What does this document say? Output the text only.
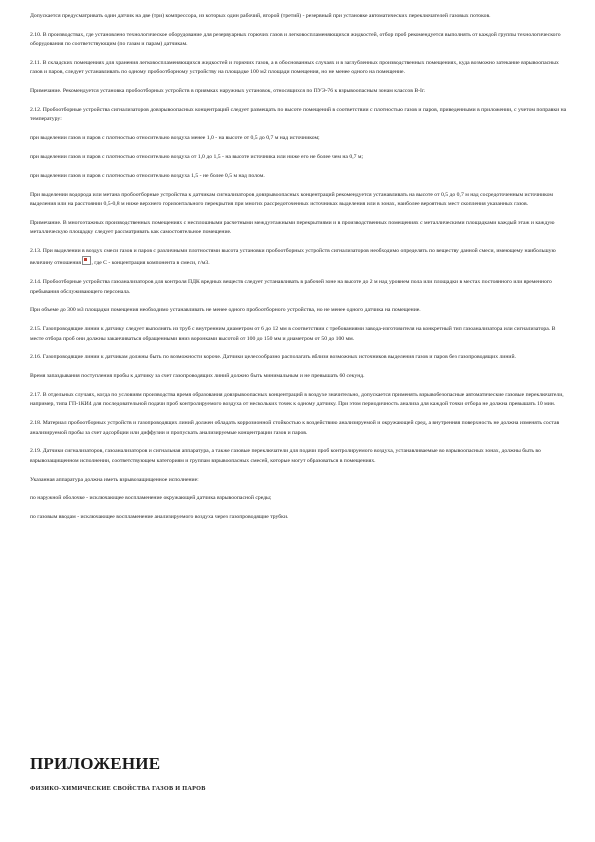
Допускается предусматривать один датчик на две (три) компрессора, из которых один рабочий, второй (третий) - резервный при установке автоматических переключателей газовых потоков.

2.10. В производствах, где установлено технологическое оборудование для резервуарных горючих газов и легковоспламеняющихся жидкостей, отбор проб рекомендуется выполнять от каждой группы технологического оборудования по соответствующим (по газам и парам) датчикам.

2.11. В складских помещениях для хранения легковоспламеняющихся жидкостей и горючих газов, а в обоснованных случаях и в заглубленных производственных помещениях, куда возможно затекание взрывоопасных газов и паров, следует устанавливать по одному пробоотборному устройству на площадке 100 м2 площади помещения, но не менее одного на помещение.

Примечание. Рекомендуется установка пробоотборных устройств в приямках наружных установок, относящихся по ПУЭ-76 к взрывоопасным зонам классов В-Iг.

2.12. Пробоотборные устройства сигнализаторов довзрывоопасных концентраций следует размещать по высоте помещений в соответствии с плотностью газов и паров, приведенными в приложении, с учетом поправки на температуру:

при выделении газов и паров с плотностью относительно воздуха менее 1,0 - на высоте от 0,5 до 0,7 м над источником;

при выделении газов и паров с плотностью относительно воздуха от 1,0 до 1,5 - на высоте источника или ниже его не более чем на 0,7 м;

при выделении газов и паров с плотностью относительно воздуха 1,5 - не более 0,5 м над полом.

При выделении водорода или метана пробоотборные устройства к датчикам сигнализаторов довзрывоопасных концентраций рекомендуется устанавливать на высоте от 0,5 до 0,7 м над сосредоточенным источником выделения или на расстоянии 0,5-0,8 м ниже верхнего горизонтального перекрытия при многих рассредоточенных источниках выделения или в зонах, наиболее вероятных мест скопления указанных газов.

Примечание. В многоэтажных производственных помещениях с несплошными расчетными междуэтажными перекрытиями и в производственных помещениях с металлическими площадками каждый этаж и каждую металлическую площадку следует рассматривать как самостоятельное помещение.

2.13. При выделении в воздух смеси газов и паров с различными плотностями высота установки пробоотборных устройств сигнализаторов необходимо определять по веществу данной смеси, имеющему наибольшую величину отношения , где С - концентрация компонента в смеси, г/м3.

2.14. Пробоотборные устройства газоанализаторов для контроля ПДК вредных веществ следует устанавливать в рабочей зоне на высоте до 2 м над уровнем пола или площадки в местах постоянного или временного пребывания обслуживающего персонала.

При объеме до 300 м3 площадки помещения необходимо устанавливать не менее одного пробоотборного устройства, но не менее одного датчика на помещение.

2.15. Газопроводящие линии к датчику следует выполнять из труб с внутренним диаметром от 6 до 12 мм в соответствии с требованиями завода-изготовителя на конкретный тип газоанализатора или сигнализатора. В месте отбора проб они должны заканчиваться обращенными вниз воронками высотой от 100 до 150 мм и диаметром от 50 до 100 мм.

2.16. Газопроводящие линии к датчикам должны быть по возможности короче. Датчики целесообразно располагать вблизи возможных источников выделения газов и паров без газопроводящих линий.

Время запаздывания поступления пробы к датчику за счет газопроводящих линий должно быть минимальным и не превышать 60 секунд.

2.17. В отдельных случаях, когда по условиям производства время образования довзрывоопасных концентраций в воздухе значительно, допускается применять взрывобезопасные автоматические газовые переключатели, например, типа ГП-1КИ4 для последовательной подачи проб контролируемого воздуха от нескольких точек к одному датчику. При этом периодичность анализа для каждой точки отбора не должна превышать 10 мин.

2.18. Материал пробоотборных устройств и газопроводящих линий должен обладать коррозионной стойкостью к воздействию анализируемой и окружающей сред, а внутренняя поверхность не должна изменять состав анализируемой пробы за счет адсорбции или диффузии и пропускать анализируемые концентрации газов и паров.

2.19. Датчики сигнализаторов, газоанализаторов и сигнальная аппаратура, а также газовые переключатели для подачи проб контролируемого воздуха, устанавливаемые во взрывоопасных зонах, должны быть во взрывозащищенном исполнении, соответствующем категориям и группам взрывоопасных смесей, которые могут образоваться в помещениях.

Указанная аппаратура должна иметь взрывозащищенное исполнение:

по наружной оболочке - исключающее воспламенение окружающей датчика взрывоопасной среды;

по газовым вводам - исключающее воспламенение анализируемого воздуха через газопроводящие трубки.

ПРИЛОЖЕНИЕ
ФИЗИКО-ХИМИЧЕСКИЕ СВОЙСТВА ГАЗОВ И ПАРОВ
